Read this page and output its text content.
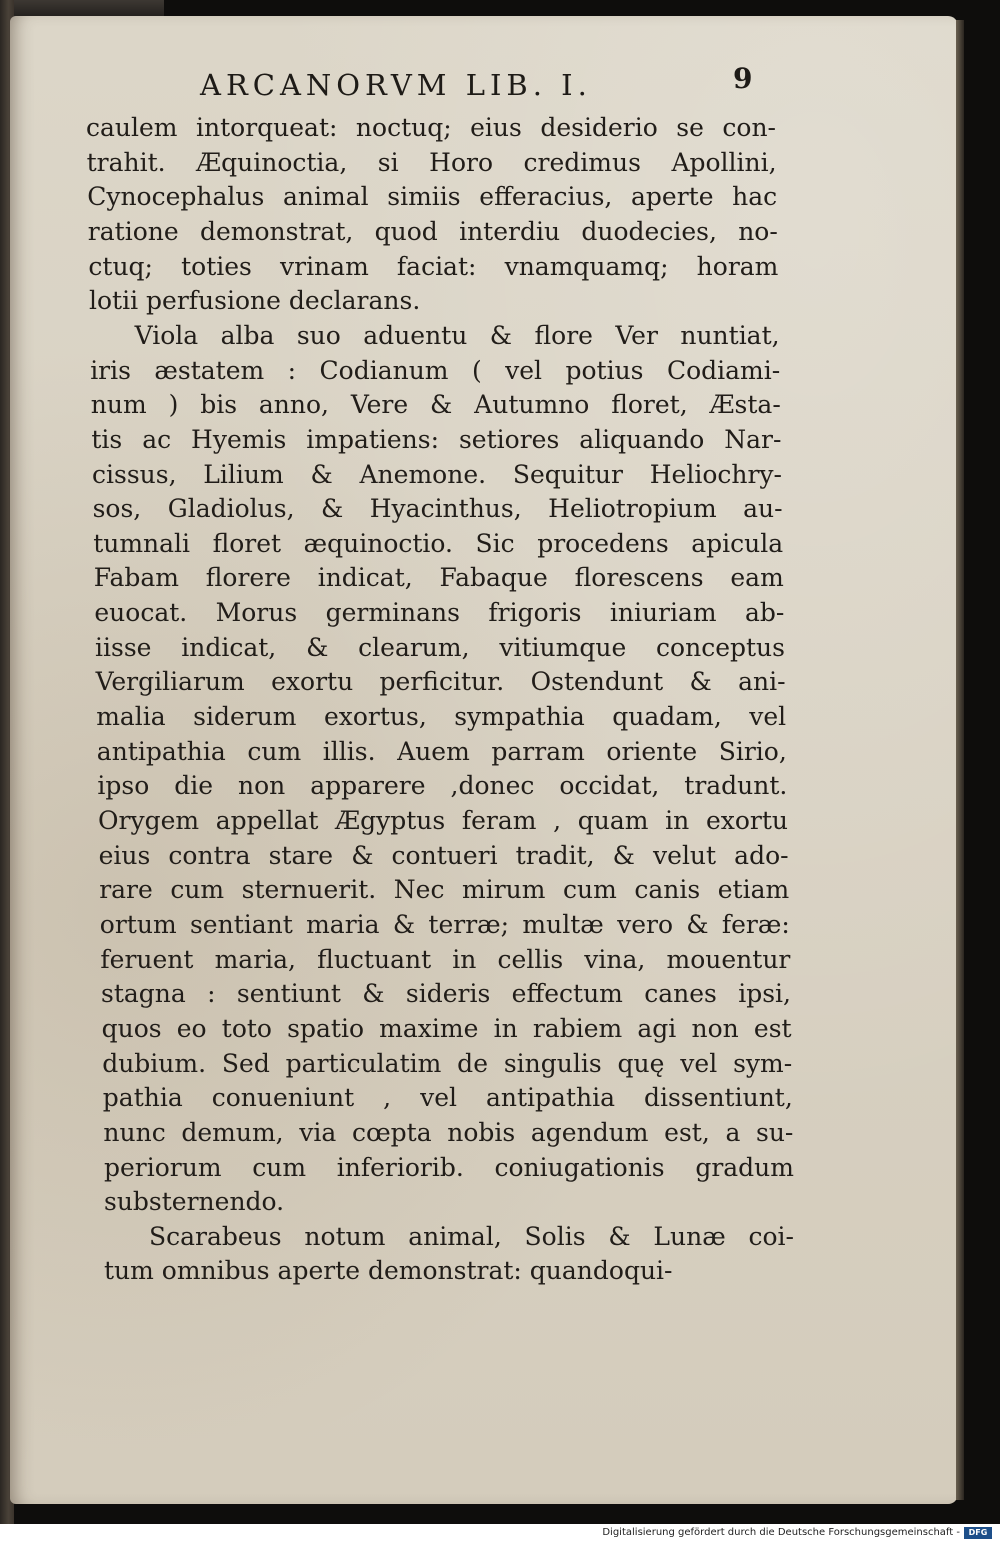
ARCANORVM LIB. I.	9
caulem intorqueat: noctuq; eius desiderio se con-
trahit. Æquinoctia, si Horo credimus Apollini,
Cynocephalus animal simiis efferacius, aperte hac
ratione demonstrat, quod interdiu duodecies, no-
ctuq; toties vrinam faciat: vnamquamq; horam
lotii perfusione declarans.
Viola alba suo aduentu & flore Ver nuntiat,
iris æstatem : Codianum ( vel potius Codiami-
num ) bis anno, Vere & Autumno floret, Æsta-
tis ac Hyemis impatiens: setiores aliquando Nar-
cissus, Lilium & Anemone. Sequitur Heliochry-
sos, Gladiolus, & Hyacinthus, Heliotropium au-
tumnali floret æquinoctio. Sic procedens apicula
Fabam florere indicat, Fabaque florescens eam
euocat. Morus germinans frigoris iniuriam ab-
iisse indicat, & clearum, vitiumque conceptus
Vergiliarum exortu perficitur. Ostendunt & ani-
malia siderum exortus, sympathia quadam, vel
antipathia cum illis. Auem parram oriente Sirio,
ipso die non apparere ,donec occidat, tradunt.
Orygem appellat Ægyptus feram , quam in exortu
eius contra stare & contueri tradit, & velut ado-
rare cum sternuerit. Nec mirum cum canis etiam
ortum sentiant maria & terræ; multæ vero & feræ:
feruent maria, fluctuant in cellis vina, mouentur
stagna : sentiunt & sideris effectum canes ipsi,
quos eo toto spatio maxime in rabiem agi non est
dubium. Sed particulatim de singulis quę vel sym-
pathia conueniunt , vel antipathia dissentiunt,
nunc demum, via cœpta nobis agendum est, a su-
periorum cum inferiorib. coniugationis gradum
substernendo.
Scarabeus notum animal, Solis & Lunæ coi-
tum omnibus aperte demonstrat: quandoqui-
Digitalisierung gefördert durch die Deutsche Forschungsgemeinschaft -	DFG
